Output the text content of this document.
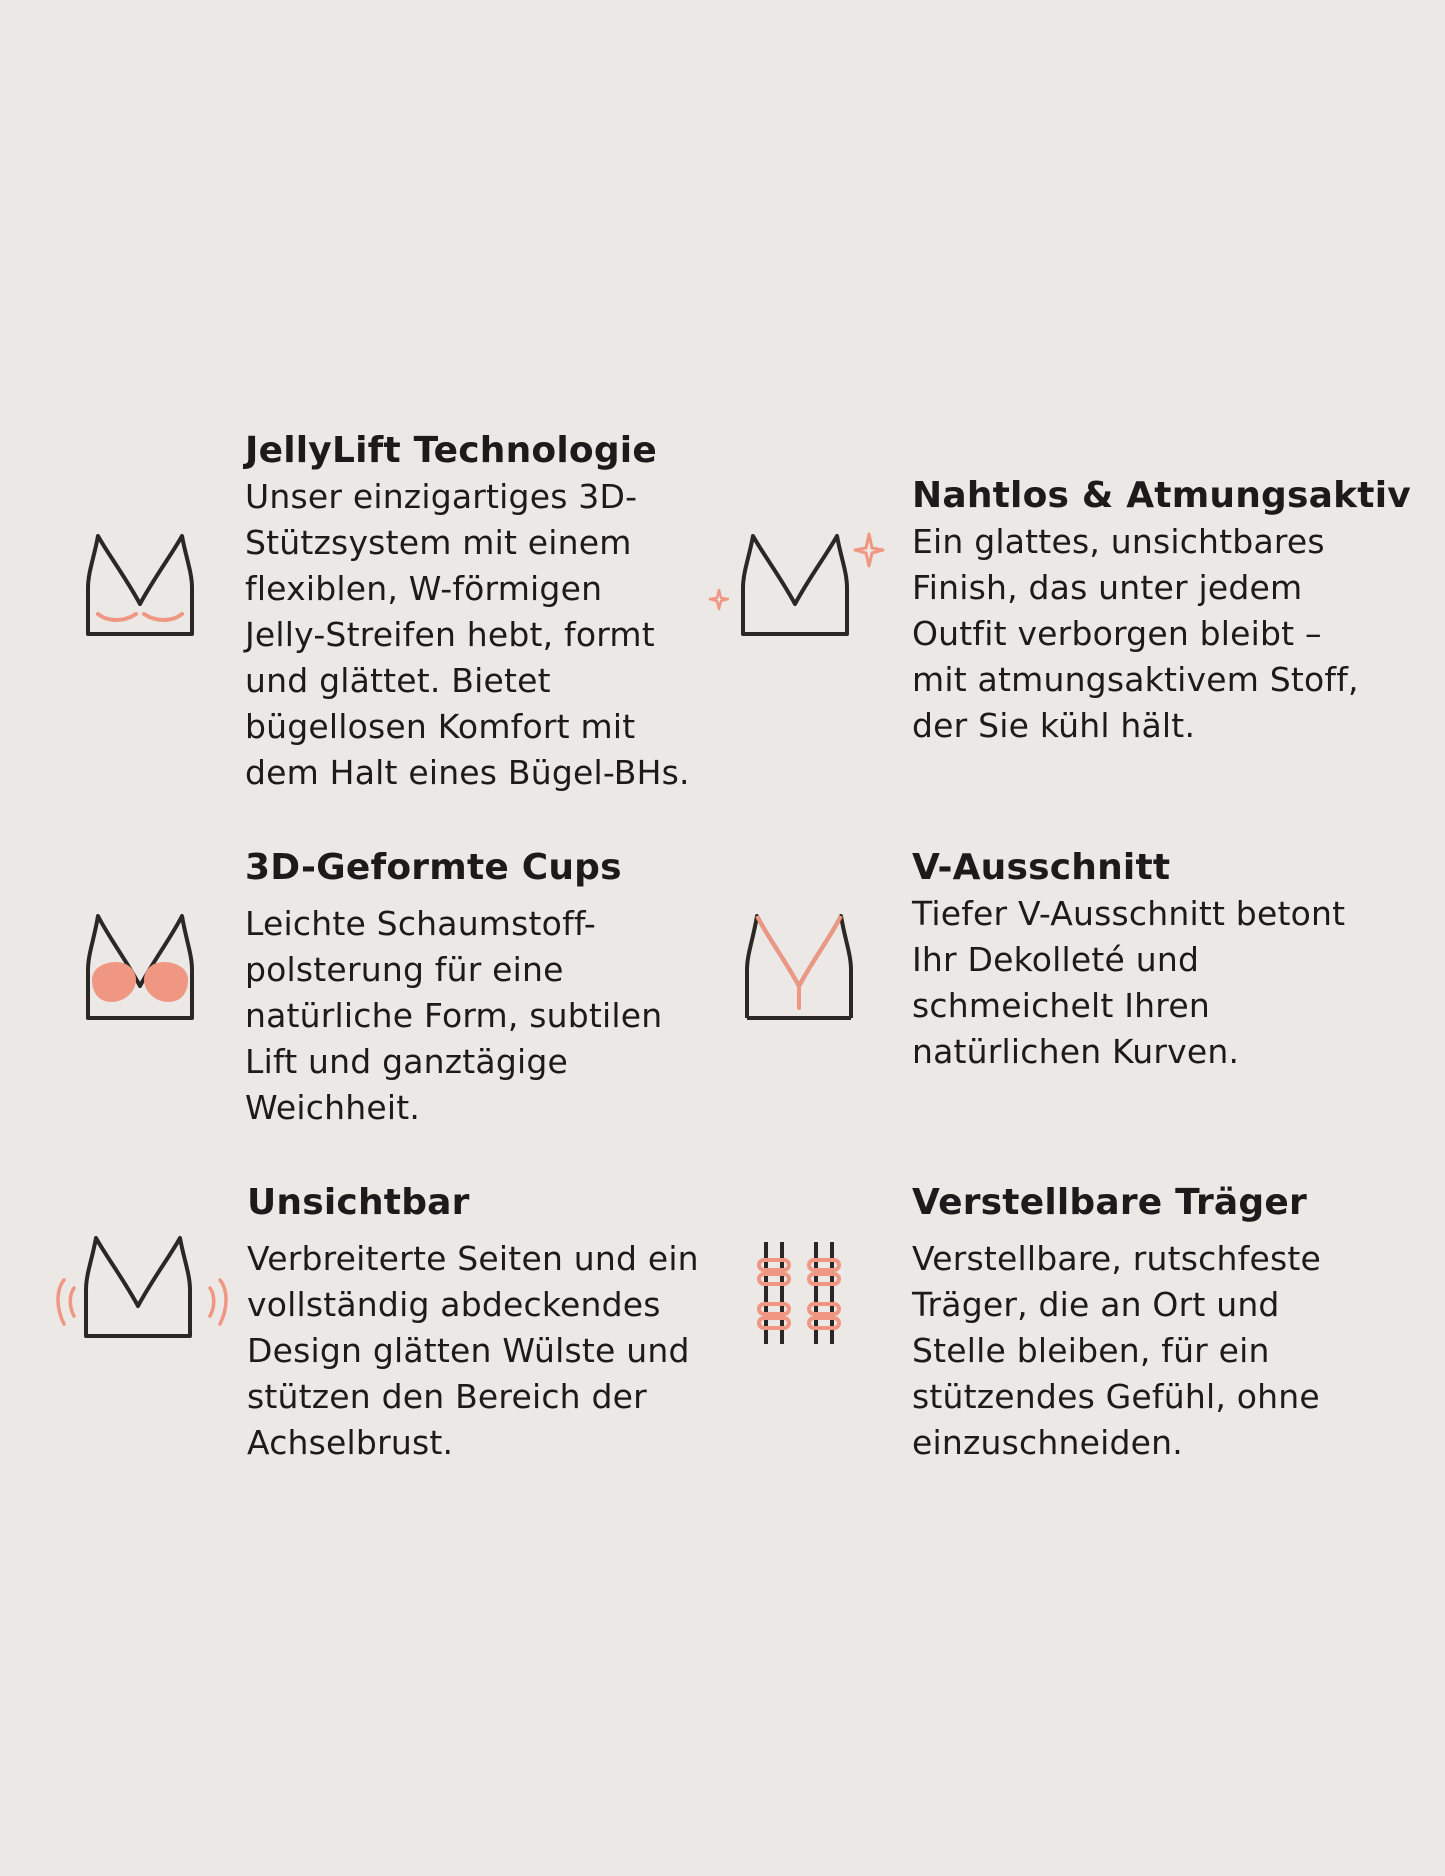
JellyLift Technologie

Unser einzigartiges 3D-
Stützsystem mit einem
flexiblen, W-förmigen
Jelly-Streifen hebt, formt
und glättet. Bietet
bügellosen Komfort mit
dem Halt eines Bügel-BHs.

Nahtlos & Atmungsaktiv

Ein glattes, unsichtbares
Finish, das unter jedem
Outfit verborgen bleibt –
mit atmungsaktivem Stoff,
der Sie kühl hält.

3D-Geformte Cups

Leichte Schaumstoff-
polsterung für eine
natürliche Form, subtilen
Lift und ganztägige
Weichheit.

V-Ausschnitt

Tiefer V-Ausschnitt betont
Ihr Dekolleté und
schmeichelt Ihren
natürlichen Kurven.

Unsichtbar

Verbreiterte Seiten und ein
vollständig abdeckendes
Design glätten Wülste und
stützen den Bereich der
Achselbrust.

Verstellbare Träger

Verstellbare, rutschfeste
Träger, die an Ort und
Stelle bleiben, für ein
stützendes Gefühl, ohne
einzuschneiden.
